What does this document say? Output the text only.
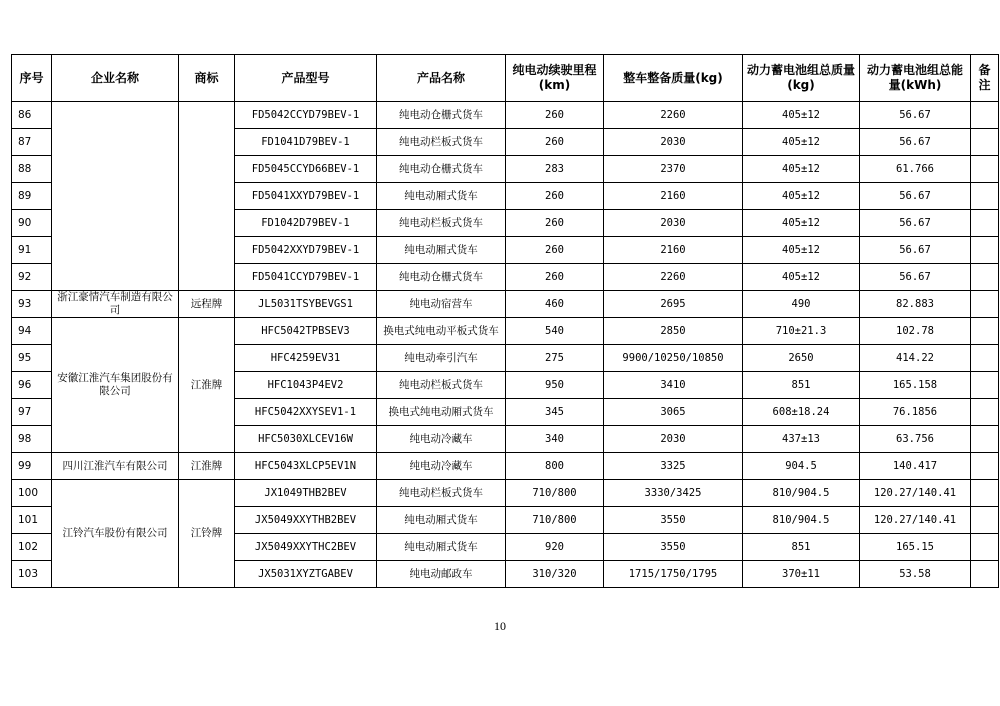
序号	企业名称	商标	产品型号	产品名称	纯电动续驶里程(km)	整车整备质量(kg)	动力蓄电池组总质量(kg)	动力蓄电池组总能量(kWh)	备注
86			FD5042CCYD79BEV-1	纯电动仓栅式货车	260	2260	405±12	56.67	
87			FD1041D79BEV-1	纯电动栏板式货车	260	2030	405±12	56.67	
88			FD5045CCYD66BEV-1	纯电动仓栅式货车	283	2370	405±12	61.766	
89			FD5041XXYD79BEV-1	纯电动厢式货车	260	2160	405±12	56.67	
90			FD1042D79BEV-1	纯电动栏板式货车	260	2030	405±12	56.67	
91			FD5042XXYD79BEV-1	纯电动厢式货车	260	2160	405±12	56.67	
92			FD5041CCYD79BEV-1	纯电动仓栅式货车	260	2260	405±12	56.67	
93	浙江豪情汽车制造有限公司	远程牌	JL5031TSYBEVGS1	纯电动宿营车	460	2695	490	82.883	
94	安徽江淮汽车集团股份有限公司	江淮牌	HFC5042TPBSEV3	换电式纯电动平板式货车	540	2850	710±21.3	102.78	
95			HFC4259EV31	纯电动牵引汽车	275	9900/10250/10850	2650	414.22	
96			HFC1043P4EV2	纯电动栏板式货车	950	3410	851	165.158	
97			HFC5042XXYSEV1-1	换电式纯电动厢式货车	345	3065	608±18.24	76.1856	
98			HFC5030XLCEV16W	纯电动冷藏车	340	2030	437±13	63.756	
99	四川江淮汽车有限公司	江淮牌	HFC5043XLCP5EV1N	纯电动冷藏车	800	3325	904.5	140.417	
100	江铃汽车股份有限公司	江铃牌	JX1049THB2BEV	纯电动栏板式货车	710/800	3330/3425	810/904.5	120.27/140.41	
101			JX5049XXYTHB2BEV	纯电动厢式货车	710/800	3550	810/904.5	120.27/140.41	
102			JX5049XXYTHC2BEV	纯电动厢式货车	920	3550	851	165.15	
103			JX5031XYZTGABEV	纯电动邮政车	310/320	1715/1750/1795	370±11	53.58	
10
